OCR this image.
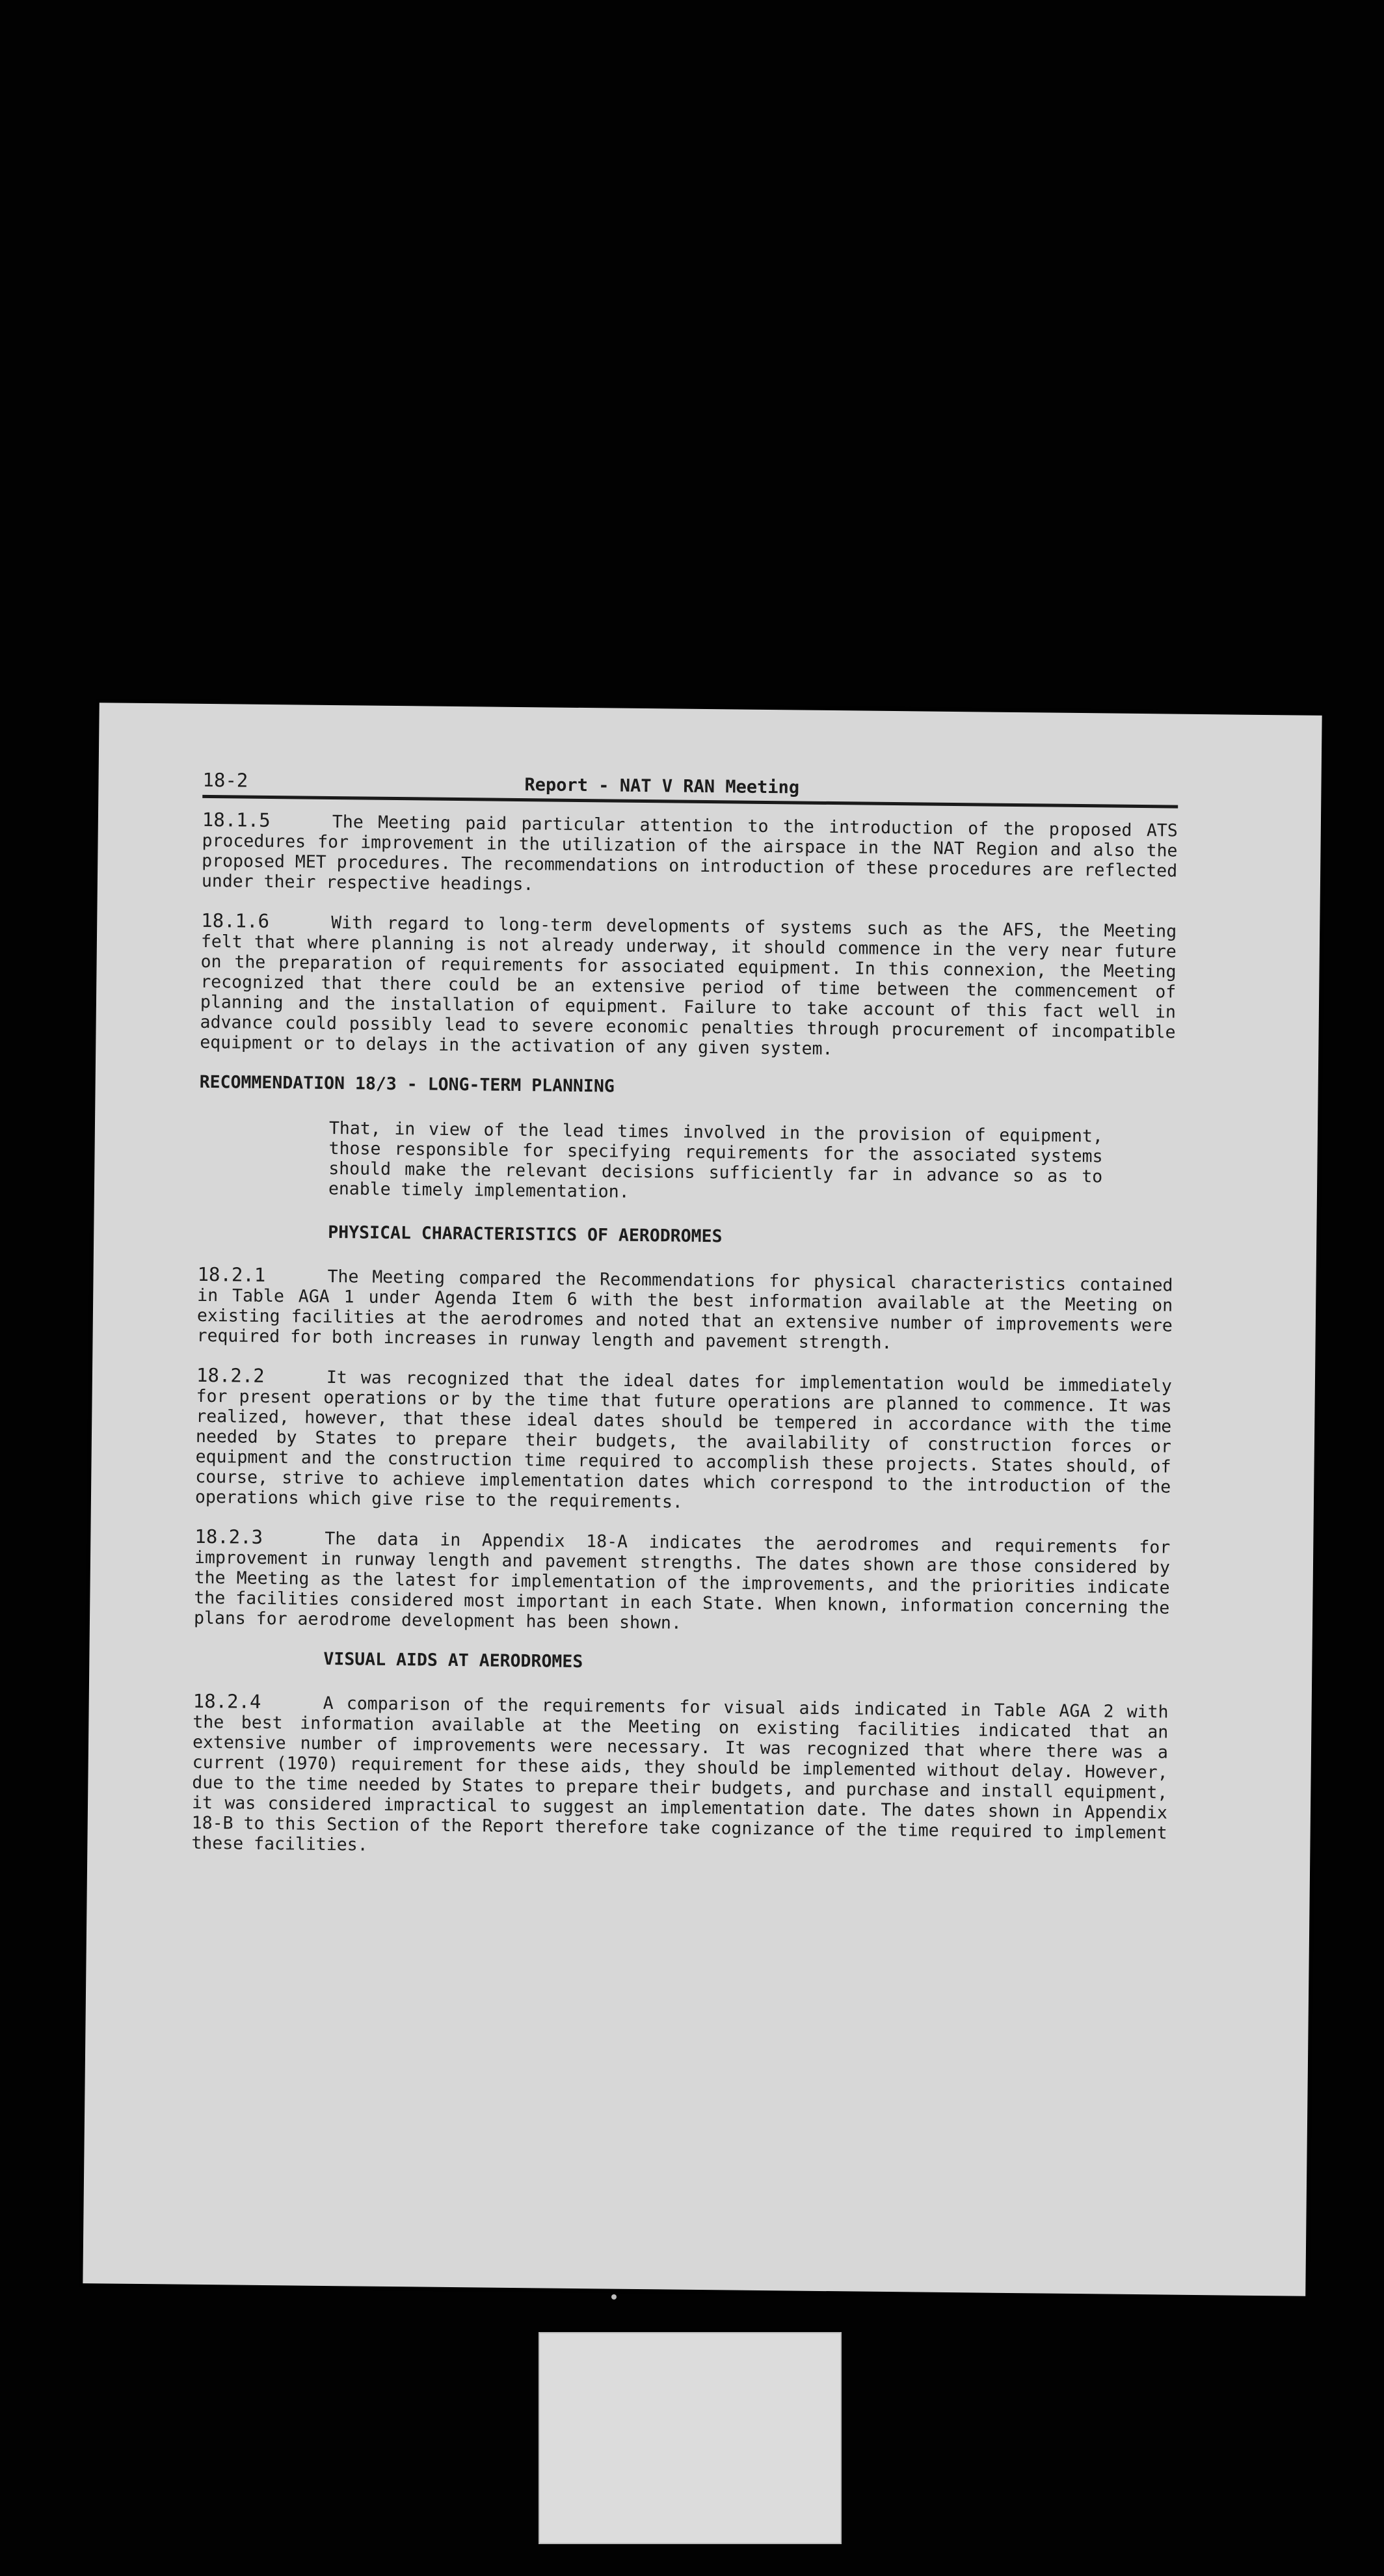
18-2	Report - NAT V RAN Meeting

18.1.5	The Meeting paid particular attention to the introduction of the proposed ATS procedures for improvement in the utilization of the airspace in the NAT Region and also the proposed MET procedures. The recommendations on introduction of these procedures are reflected under their respective headings.

18.1.6	With regard to long-term developments of systems such as the AFS, the Meeting felt that where planning is not already underway, it should commence in the very near future on the preparation of requirements for associated equipment. In this connexion, the Meeting recognized that there could be an extensive period of time between the commencement of planning and the installation of equipment. Failure to take account of this fact well in advance could possibly lead to severe economic penalties through procurement of incompatible equipment or to delays in the activation of any given system.

RECOMMENDATION 18/3 - LONG-TERM PLANNING

That, in view of the lead times involved in the provision of equipment, those responsible for specifying requirements for the associated systems should make the relevant decisions sufficiently far in advance so as to enable timely implementation.

PHYSICAL CHARACTERISTICS OF AERODROMES

18.2.1	The Meeting compared the Recommendations for physical characteristics contained in Table AGA 1 under Agenda Item 6 with the best information available at the Meeting on existing facilities at the aerodromes and noted that an extensive number of improvements were required for both increases in runway length and pavement strength.

18.2.2	It was recognized that the ideal dates for implementation would be immediately for present operations or by the time that future operations are planned to commence. It was realized, however, that these ideal dates should be tempered in accordance with the time needed by States to prepare their budgets, the availability of construction forces or equipment and the construction time required to accomplish these projects. States should, of course, strive to achieve implementation dates which correspond to the introduction of the operations which give rise to the requirements.

18.2.3	The data in Appendix 18-A indicates the aerodromes and requirements for improvement in runway length and pavement strengths. The dates shown are those considered by the Meeting as the latest for implementation of the improvements, and the priorities indicate the facilities considered most important in each State. When known, information concerning the plans for aerodrome development has been shown.

VISUAL AIDS AT AERODROMES

18.2.4	A comparison of the requirements for visual aids indicated in Table AGA 2 with the best information available at the Meeting on existing facilities indicated that an extensive number of improvements were necessary. It was recognized that where there was a current (1970) requirement for these aids, they should be implemented without delay. However, due to the time needed by States to prepare their budgets, and purchase and install equipment, it was considered impractical to suggest an implementation date. The dates shown in Appendix 18-B to this Section of the Report therefore take cognizance of the time required to implement these facilities.
